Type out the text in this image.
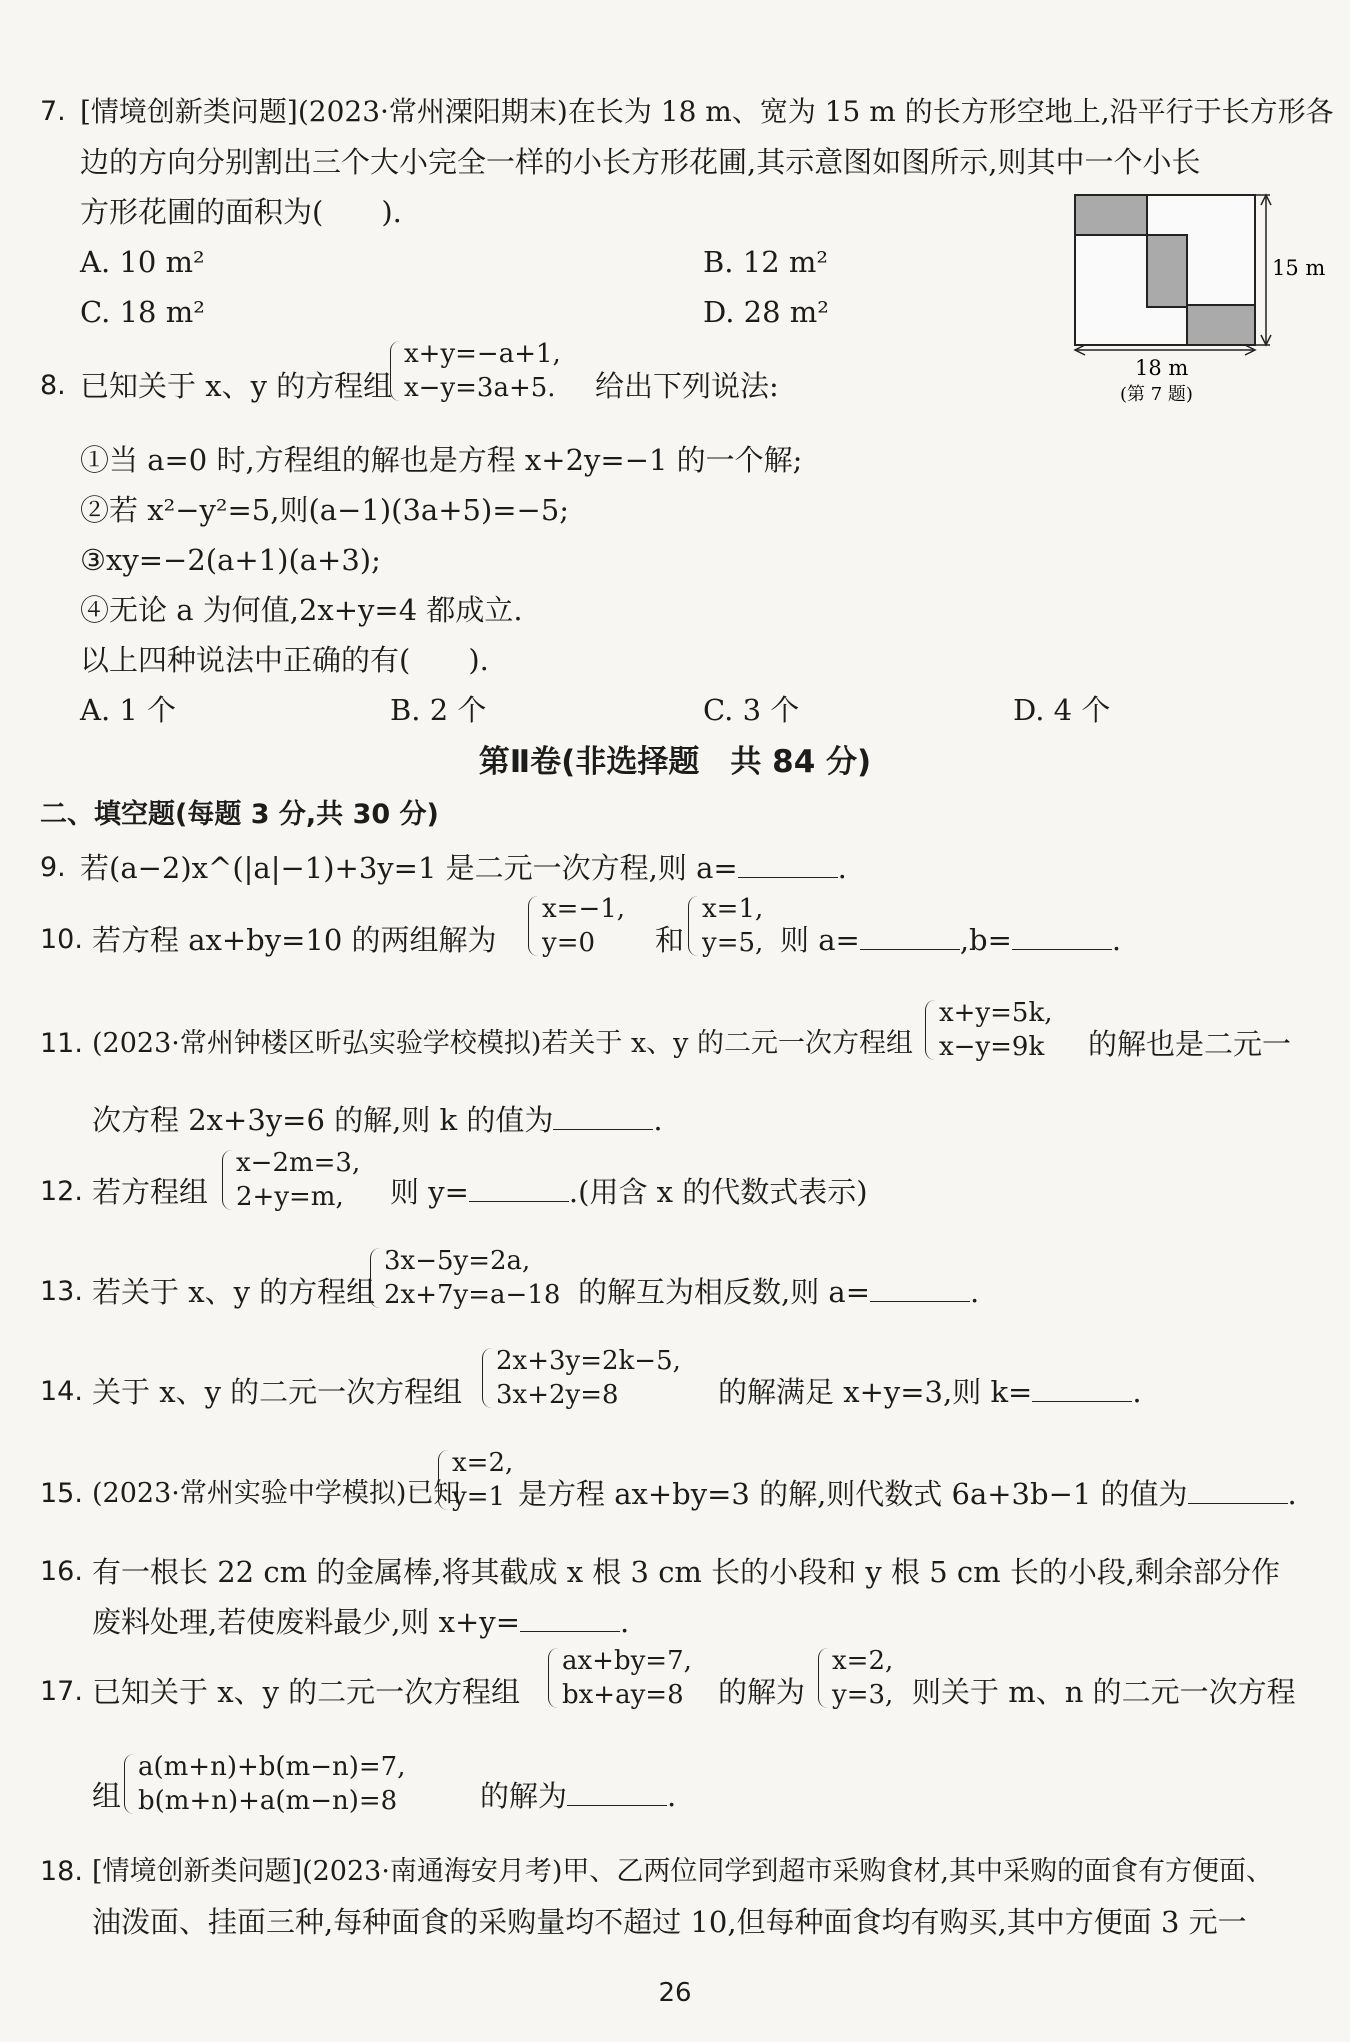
7. [情境创新类问题](2023·常州溧阳期末)在长为 18 m、宽为 15 m 的长方形空地上,沿平行于长方形各
边的方向分别割出三个大小完全一样的小长方形花圃,其示意图如图所示,则其中一个小长
方形花圃的面积为(　　).
A. 10 m²	B. 12 m²
C. 18 m²	D. 28 m²
15 m
18 m
(第 7 题)
8. 已知关于 x、y 的方程组
x+y=−a+1,
x−y=3a+5. 给出下列说法:
①当 a=0 时,方程组的解也是方程 x+2y=−1 的一个解;
②若 x²−y²=5,则(a−1)(3a+5)=−5;
③xy=−2(a+1)(a+3);
④无论 a 为何值,2x+y=4 都成立.
以上四种说法中正确的有(　　).
A. 1 个	B. 2 个	C. 3 个	D. 4 个
第Ⅱ卷(非选择题　共 84 分)
二、填空题(每题 3 分,共 30 分)
9. 若(a−2)x^(|a|−1)+3y=1 是二元一次方程,则 a=	.
10. 若方程 ax+by=10 的两组解为
x=−1,
y=0	和
x=1,
y=5, 则 a=	,b=	.
11. (2023·常州钟楼区昕弘实验学校模拟)若关于 x、y 的二元一次方程组
x+y=5k,
x−y=9k 的解也是二元一
次方程 2x+3y=6 的解,则 k 的值为	.
12. 若方程组
x−2m=3,
2+y=m,	则 y=	.(用含 x 的代数式表示)
13. 若关于 x、y 的方程组
3x−5y=2a,
2x+7y=a−18 的解互为相反数,则 a=	.
14. 关于 x、y 的二元一次方程组
2x+3y=2k−5,
3x+2y=8	的解满足 x+y=3,则 k=	.
15. (2023·常州实验中学模拟)已知
x=2,
y=1 是方程 ax+by=3 的解,则代数式 6a+3b−1 的值为	.
16. 有一根长 22 cm 的金属棒,将其截成 x 根 3 cm 长的小段和 y 根 5 cm 长的小段,剩余部分作
废料处理,若使废料最少,则 x+y=	.
17. 已知关于 x、y 的二元一次方程组
ax+by=7,
bx+ay=8 的解为
x=2,
y=3, 则关于 m、n 的二元一次方程
组
a(m+n)+b(m−n)=7,
b(m+n)+a(m−n)=8	的解为	.
18. [情境创新类问题](2023·南通海安月考)甲、乙两位同学到超市采购食材,其中采购的面食有方便面、
油泼面、挂面三种,每种面食的采购量均不超过 10,但每种面食均有购买,其中方便面 3 元一
26
